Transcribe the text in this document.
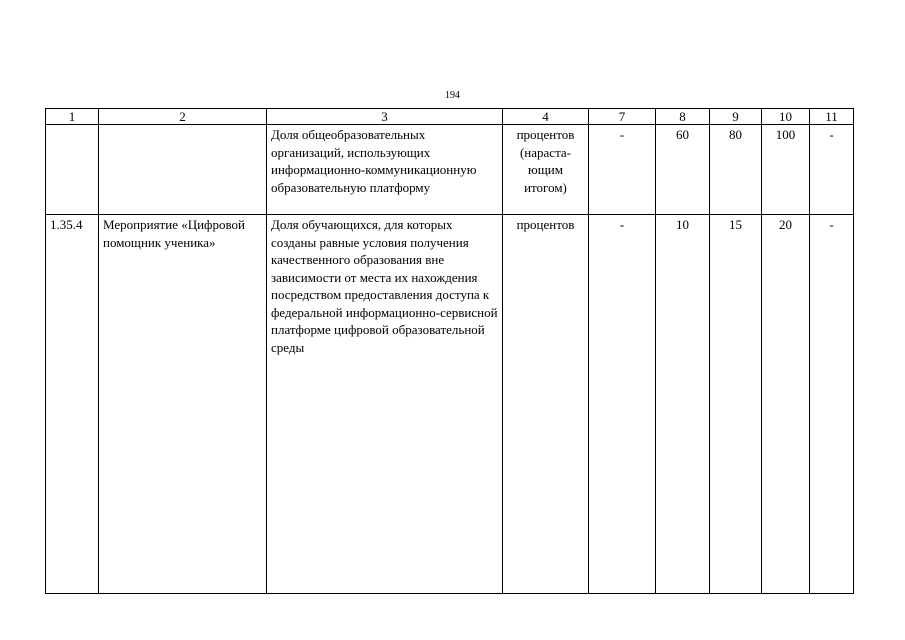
194
1	2	3	4	7	8	9	10	11
		Доля общеобразовательных организаций, использующих информационно-коммуникационную образовательную платформу	процентов (нараста-ющим итогом)	-	60	80	100	-
1.35.4	Мероприятие «Цифровой помощник ученика»	Доля обучающихся, для которых созданы равные условия получения качественного образования вне зависимости от места их нахождения посредством предоставления доступа к федеральной информационно-сервисной платформе цифровой образовательной среды	процентов	-	10	15	20	-
